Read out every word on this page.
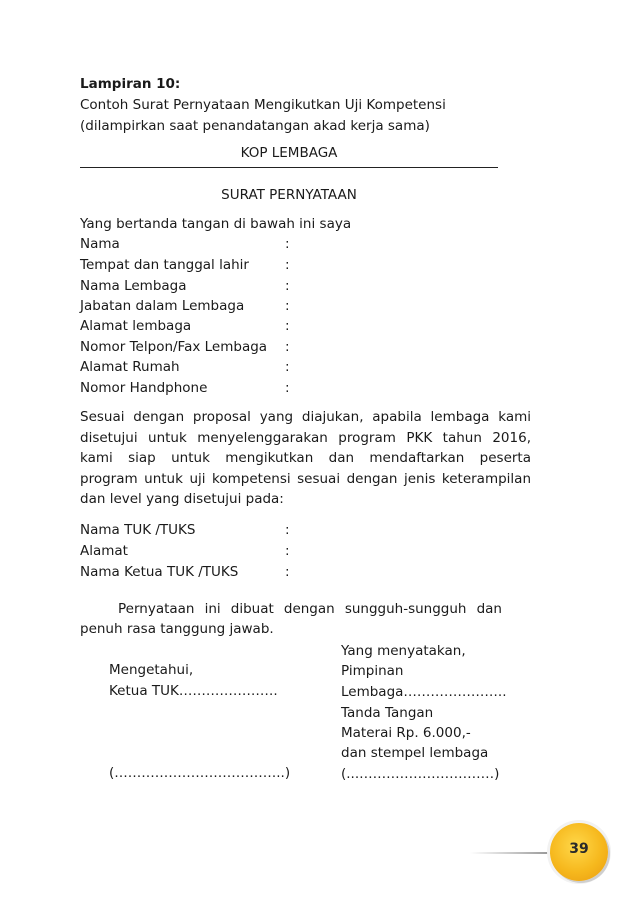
Lampiran 10:
Contoh Surat Pernyataan Mengikutkan Uji Kompetensi
(dilampirkan saat penandatangan akad kerja sama)
KOP LEMBAGA
SURAT PERNYATAAN
Yang bertanda tangan di bawah ini saya
Nama	:
Tempat dan tanggal lahir	:
Nama Lembaga	:
Jabatan dalam Lembaga	:
Alamat lembaga	:
Nomor Telpon/Fax Lembaga :
Alamat Rumah	:
Nomor Handphone	:
Sesuai dengan proposal yang diajukan, apabila lembaga kami
disetujui untuk menyelenggarakan program PKK tahun 2016,
kami siap untuk mengikutkan dan mendaftarkan peserta
program untuk uji kompetensi sesuai dengan jenis keterampilan
dan level yang disetujui pada:
Nama TUK /TUKS	:
Alamat	:
Nama Ketua TUK /TUKS	:
Pernyataan ini dibuat dengan sungguh-sungguh dan
penuh rasa tanggung jawab.
Mengetahui,
Ketua TUK………………….
(………………………………..)
Yang menyatakan,
Pimpinan
Lembaga…………………..
Tanda Tangan
Materai Rp. 6.000,-
dan stempel lembaga
(...…………………………)
39
